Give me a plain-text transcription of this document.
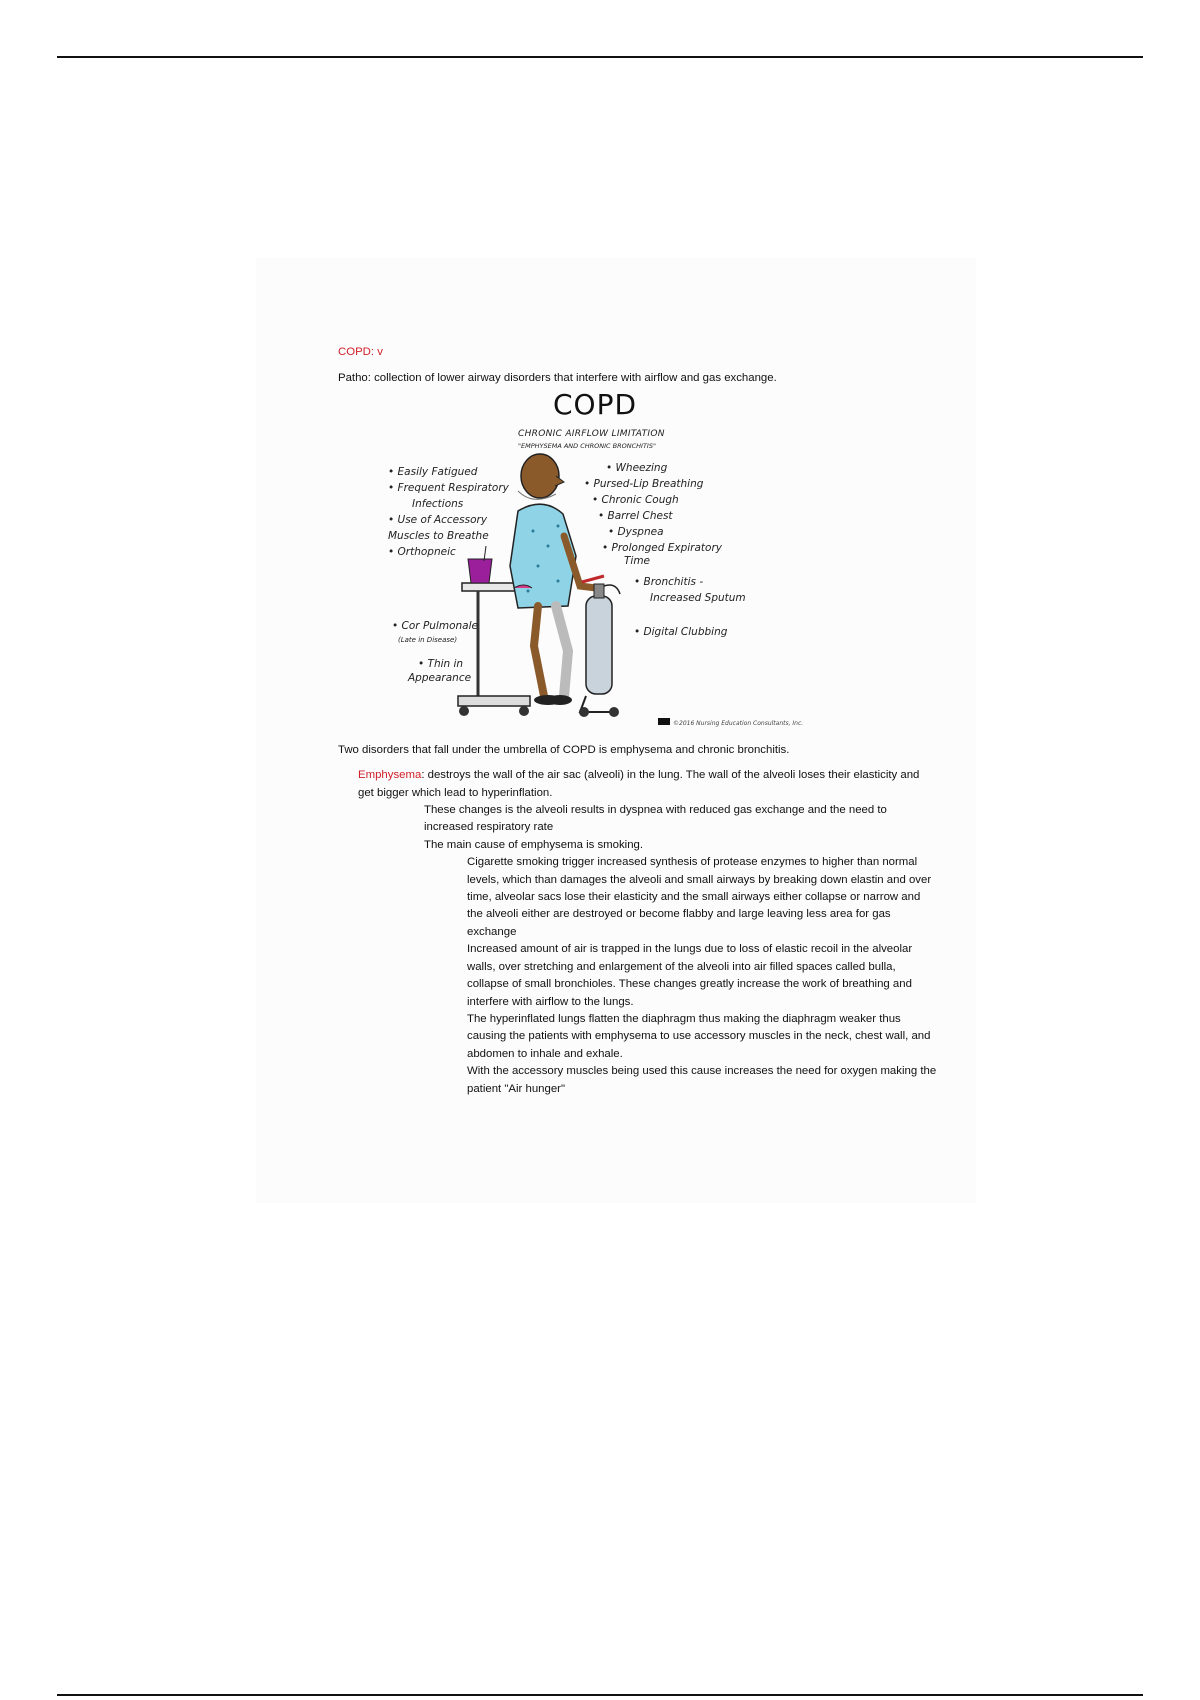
COPD: v

Patho: collection of lower airway disorders that interfere with airflow and gas exchange.

COPD
CHRONIC AIRFLOW LIMITATION
"EMPHYSEMA AND CHRONIC BRONCHITIS"
• Easily Fatigued
• Frequent Respiratory
Infections
• Use of Accessory
Muscles to Breathe
• Orthopneic
• Cor Pulmonale
(Late in Disease)
• Thin in
Appearance
• Wheezing
• Pursed-Lip Breathing
• Chronic Cough
• Barrel Chest
• Dyspnea
• Prolonged Expiratory
Time
• Bronchitis -
Increased Sputum
• Digital Clubbing
©2016 Nursing Education Consultants, Inc.

Two disorders that fall under the umbrella of COPD is emphysema and chronic bronchitis.

Emphysema: destroys the wall of the air sac (alveoli) in the lung. The wall of the alveoli loses their elasticity and get bigger which lead to hyperinflation.
These changes is the alveoli results in dyspnea with reduced gas exchange and the need to increased respiratory rate
The main cause of emphysema is smoking.
Cigarette smoking trigger increased synthesis of protease enzymes to higher than normal levels, which than damages the alveoli and small airways by breaking down elastin and over time, alveolar sacs lose their elasticity and the small airways either collapse or narrow and the alveoli either are destroyed or become flabby and large leaving less area for gas exchange
Increased amount of air is trapped in the lungs due to loss of elastic recoil in the alveolar walls, over stretching and enlargement of the alveoli into air filled spaces called bulla, collapse of small bronchioles. These changes greatly increase the work of breathing and interfere with airflow to the lungs.
The hyperinflated lungs flatten the diaphragm thus making the diaphragm weaker thus causing the patients with emphysema to use accessory muscles in the neck, chest wall, and abdomen to inhale and exhale.
With the accessory muscles being used this cause increases the need for oxygen making the patient "Air hunger"
